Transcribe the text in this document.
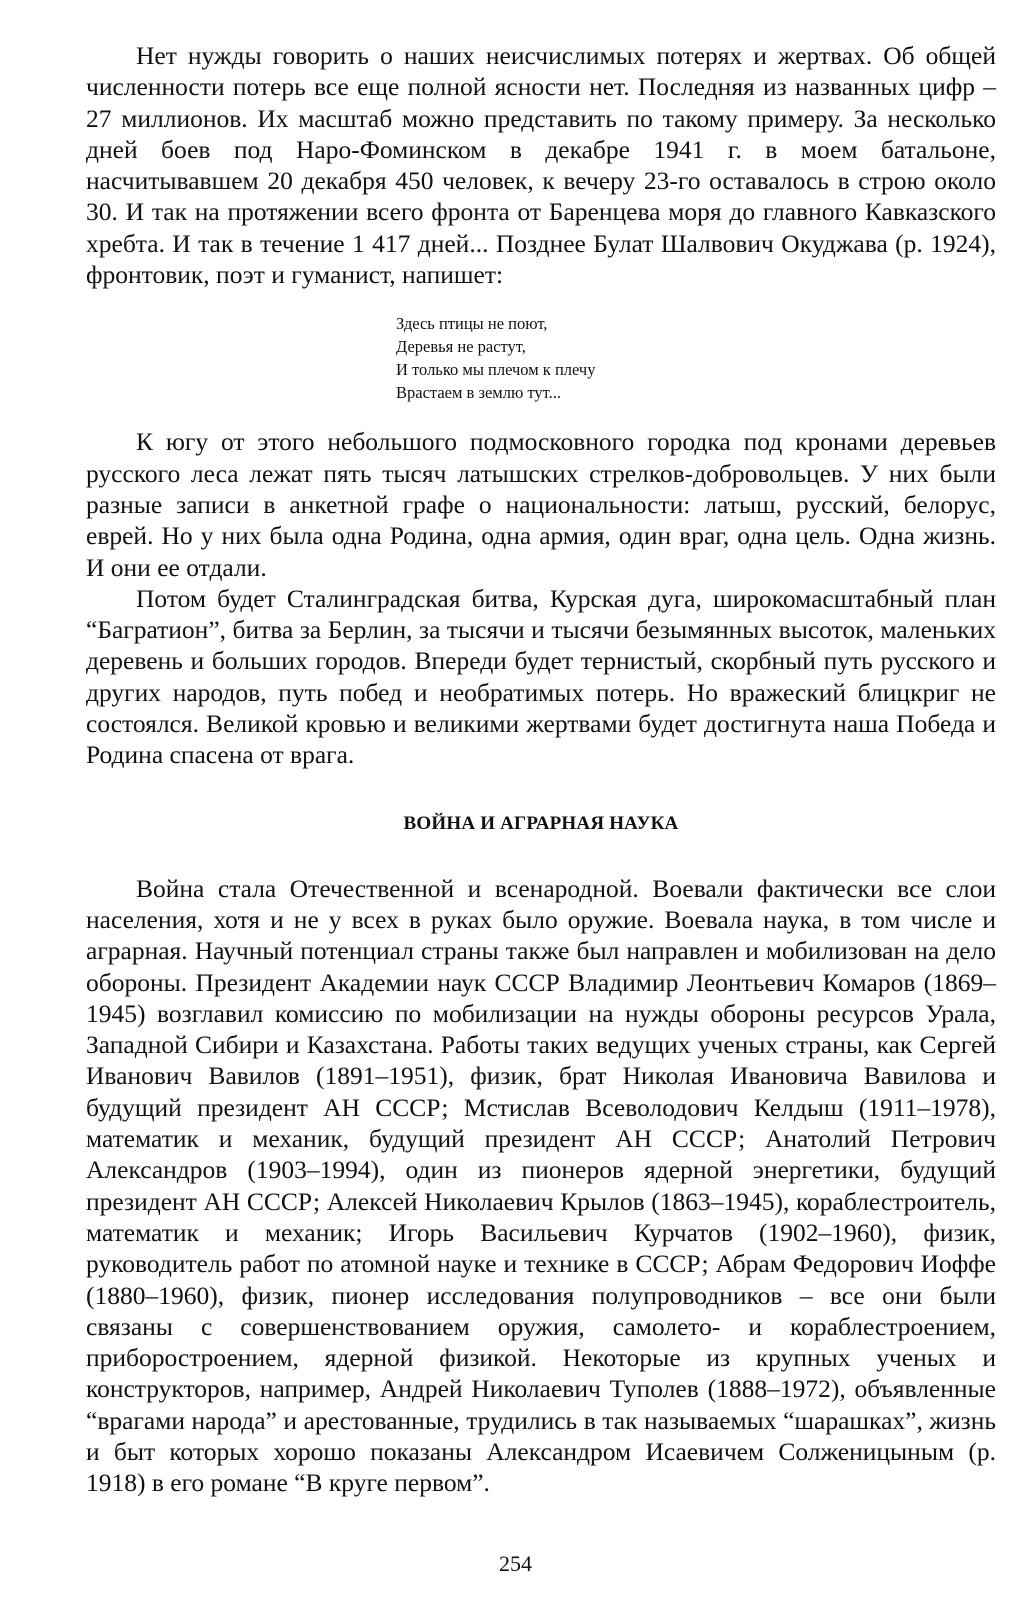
Нет нужды говорить о наших неисчислимых потерях и жертвах. Об общей численности потерь все еще полной ясности нет. Последняя из названных цифр – 27 миллионов. Их масштаб можно представить по такому примеру. За несколько дней боев под Наро-Фоминском в декабре 1941 г. в моем батальоне, насчитывавшем 20 декабря 450 человек, к вечеру 23-го оставалось в строю около 30. И так на протяжении всего фронта от Баренцева моря до главного Кавказского хребта. И так в течение 1 417 дней... Позднее Булат Шалвович Окуджава (р. 1924), фронтовик, поэт и гуманист, напишет:

Здесь птицы не поют,
Деревья не растут,
И только мы плечом к плечу
Врастаем в землю тут...

К югу от этого небольшого подмосковного городка под кронами деревьев русского леса лежат пять тысяч латышских стрелков-добровольцев. У них были разные записи в анкетной графе о национальности: латыш, русский, белорус, еврей. Но у них была одна Родина, одна армия, один враг, одна цель. Одна жизнь. И они ее отдали.

Потом будет Сталинградская битва, Курская дуга, широкомасштабный план “Багратион”, битва за Берлин, за тысячи и тысячи безымянных высоток, маленьких деревень и больших городов. Впереди будет тернистый, скорбный путь русского и других народов, путь побед и необратимых потерь. Но вражеский блицкриг не состоялся. Великой кровью и великими жертвами будет достигнута наша Победа и Родина спасена от врага.

ВОЙНА И АГРАРНАЯ НАУКА

Война стала Отечественной и всенародной. Воевали фактически все слои населения, хотя и не у всех в руках было оружие. Воевала наука, в том числе и аграрная. Научный потенциал страны также был направлен и мобилизован на дело обороны. Президент Академии наук СССР Владимир Леонтьевич Комаров (1869–1945) возглавил комиссию по мобилизации на нужды обороны ресурсов Урала, Западной Сибири и Казахстана. Работы таких ведущих ученых страны, как Сергей Иванович Вавилов (1891–1951), физик, брат Николая Ивановича Вавилова и будущий президент АН СССР; Мстислав Всеволодович Келдыш (1911–1978), математик и механик, будущий президент АН СССР; Анатолий Петрович Александров (1903–1994), один из пионеров ядерной энергетики, будущий президент АН СССР; Алексей Николаевич Крылов (1863–1945), кораблестроитель, математик и механик; Игорь Васильевич Курчатов (1902–1960), физик, руководитель работ по атомной науке и технике в СССР; Абрам Федорович Иоффе (1880–1960), физик, пионер исследования полупроводников – все они были связаны с совершенствованием оружия, самолето- и кораблестроением, приборостроением, ядерной физикой. Некоторые из крупных ученых и конструкторов, например, Андрей Николаевич Туполев (1888–1972), объявленные “врагами народа” и арестованные, трудились в так называемых “шарашках”, жизнь и быт которых хорошо показаны Александром Исаевичем Солженицыным (р. 1918) в его романе “В круге первом”.

254
